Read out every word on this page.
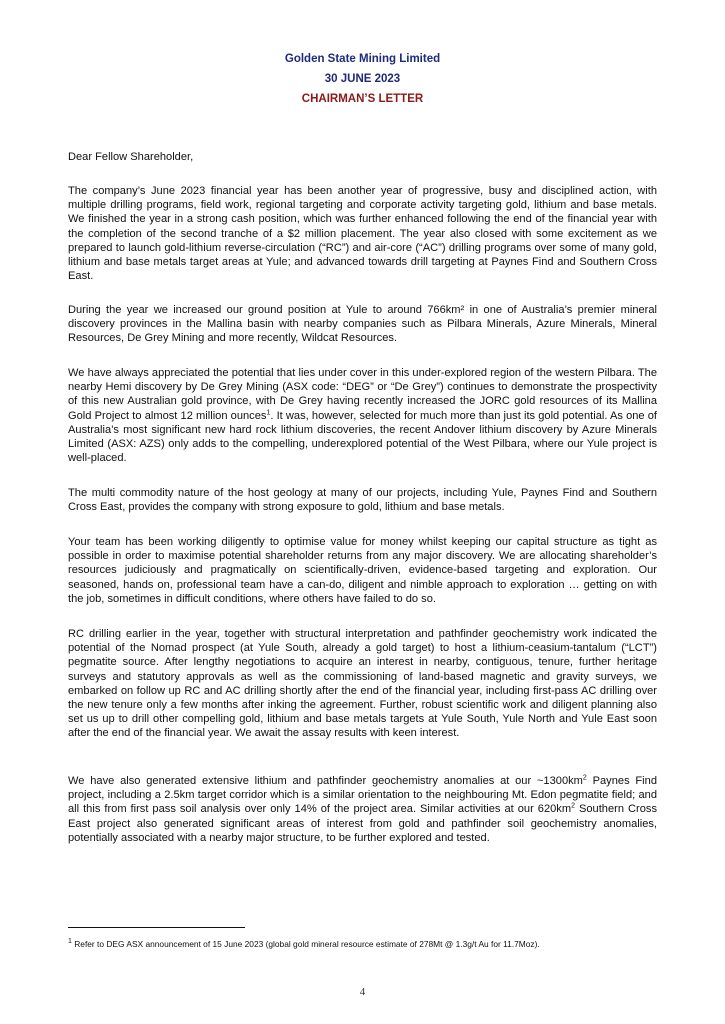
Golden State Mining Limited
30 JUNE 2023
CHAIRMAN’S LETTER

Dear Fellow Shareholder,

The company’s June 2023 financial year has been another year of progressive, busy and disciplined action, with multiple drilling programs, field work, regional targeting and corporate activity targeting gold, lithium and base metals. We finished the year in a strong cash position, which was further enhanced following the end of the financial year with the completion of the second tranche of a $2 million placement. The year also closed with some excitement as we prepared to launch gold-lithium reverse-circulation (“RC”) and air-core (“AC”) drilling programs over some of many gold, lithium and base metals target areas at Yule; and advanced towards drill targeting at Paynes Find and Southern Cross East.

During the year we increased our ground position at Yule to around 766km² in one of Australia’s premier mineral discovery provinces in the Mallina basin with nearby companies such as Pilbara Minerals, Azure Minerals, Mineral Resources, De Grey Mining and more recently, Wildcat Resources.

We have always appreciated the potential that lies under cover in this under-explored region of the western Pilbara. The nearby Hemi discovery by De Grey Mining (ASX code: “DEG” or “De Grey”) continues to demonstrate the prospectivity of this new Australian gold province, with De Grey having recently increased the JORC gold resources of its Mallina Gold Project to almost 12 million ounces$^1$. It was, however, selected for much more than just its gold potential. As one of Australia’s most significant new hard rock lithium discoveries, the recent Andover lithium discovery by Azure Minerals Limited (ASX: AZS) only adds to the compelling, underexplored potential of the West Pilbara, where our Yule project is well-placed.

The multi commodity nature of the host geology at many of our projects, including Yule, Paynes Find and Southern Cross East, provides the company with strong exposure to gold, lithium and base metals.

Your team has been working diligently to optimise value for money whilst keeping our capital structure as tight as possible in order to maximise potential shareholder returns from any major discovery. We are allocating shareholder’s resources judiciously and pragmatically on scientifically-driven, evidence-based targeting and exploration. Our seasoned, hands on, professional team have a can-do, diligent and nimble approach to exploration … getting on with the job, sometimes in difficult conditions, where others have failed to do so.

RC drilling earlier in the year, together with structural interpretation and pathfinder geochemistry work indicated the potential of the Nomad prospect (at Yule South, already a gold target) to host a lithium-ceasium-tantalum (“LCT”) pegmatite source. After lengthy negotiations to acquire an interest in nearby, contiguous, tenure, further heritage surveys and statutory approvals as well as the commissioning of land-based magnetic and gravity surveys, we embarked on follow up RC and AC drilling shortly after the end of the financial year, including first-pass AC drilling over the new tenure only a few months after inking the agreement. Further, robust scientific work and diligent planning also set us up to drill other compelling gold, lithium and base metals targets at Yule South, Yule North and Yule East soon after the end of the financial year. We await the assay results with keen interest.

We have also generated extensive lithium and pathfinder geochemistry anomalies at our $\sim 1300km^2$ Paynes Find project, including a 2.5km target corridor which is a similar orientation to the neighbouring Mt. Edon pegmatite field; and all this from first pass soil analysis over only 14% of the project area. Similar activities at our $620km^2$ Southern Cross East project also generated significant areas of interest from gold and pathfinder soil geochemistry anomalies, potentially associated with a nearby major structure, to be further explored and tested.

$^1$ Refer to DEG ASX announcement of 15 June 2023 (global gold mineral resource estimate of 278Mt @ 1.3g/t Au for 11.7Moz).
4
